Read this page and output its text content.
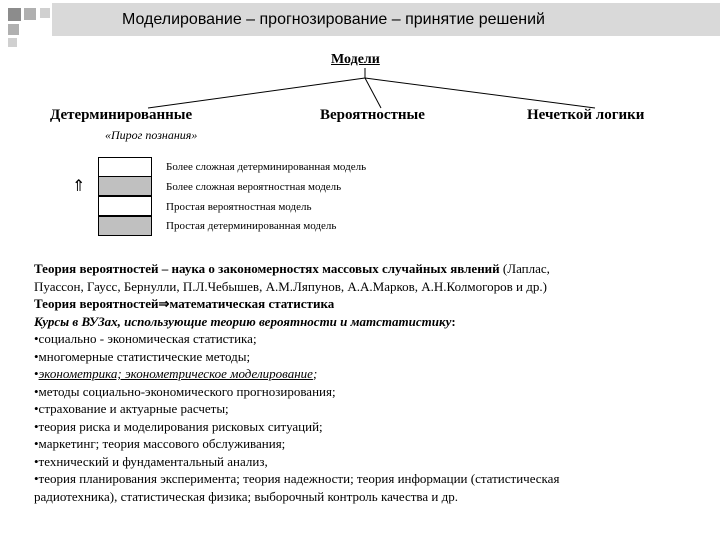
Моделирование – прогнозирование – принятие решений
Модели
Детерминированные	Вероятностные	Нечеткой логики
«Пирог познания»
⇑
Более сложная детерминированная модель
Более сложная вероятностная модель
Простая вероятностная модель
Простая детерминированная модель
Теория вероятностей – наука о закономерностях массовых случайных явлений (Лаплас,
Пуассон, Гаусс, Бернулли, П.Л.Чебышев, А.М.Ляпунов, А.А.Марков, А.Н.Колмогоров и др.)
Теория вероятностей⇒математическая статистика
Курсы в ВУЗах, использующие теорию вероятности и матстатистику:
•социально - экономическая статистика;
•многомерные статистические методы;
•эконометрика; эконометрическое моделирование;
•методы социально-экономического прогнозирования;
•страхование и актуарные расчеты;
•теория риска и моделирования рисковых ситуаций;
•маркетинг; теория массового обслуживания;
•технический и фундаментальный анализ,
•теория планирования эксперимента; теория надежности; теория информации (статистическая
радиотехника), статистическая физика; выборочный контроль качества и др.
